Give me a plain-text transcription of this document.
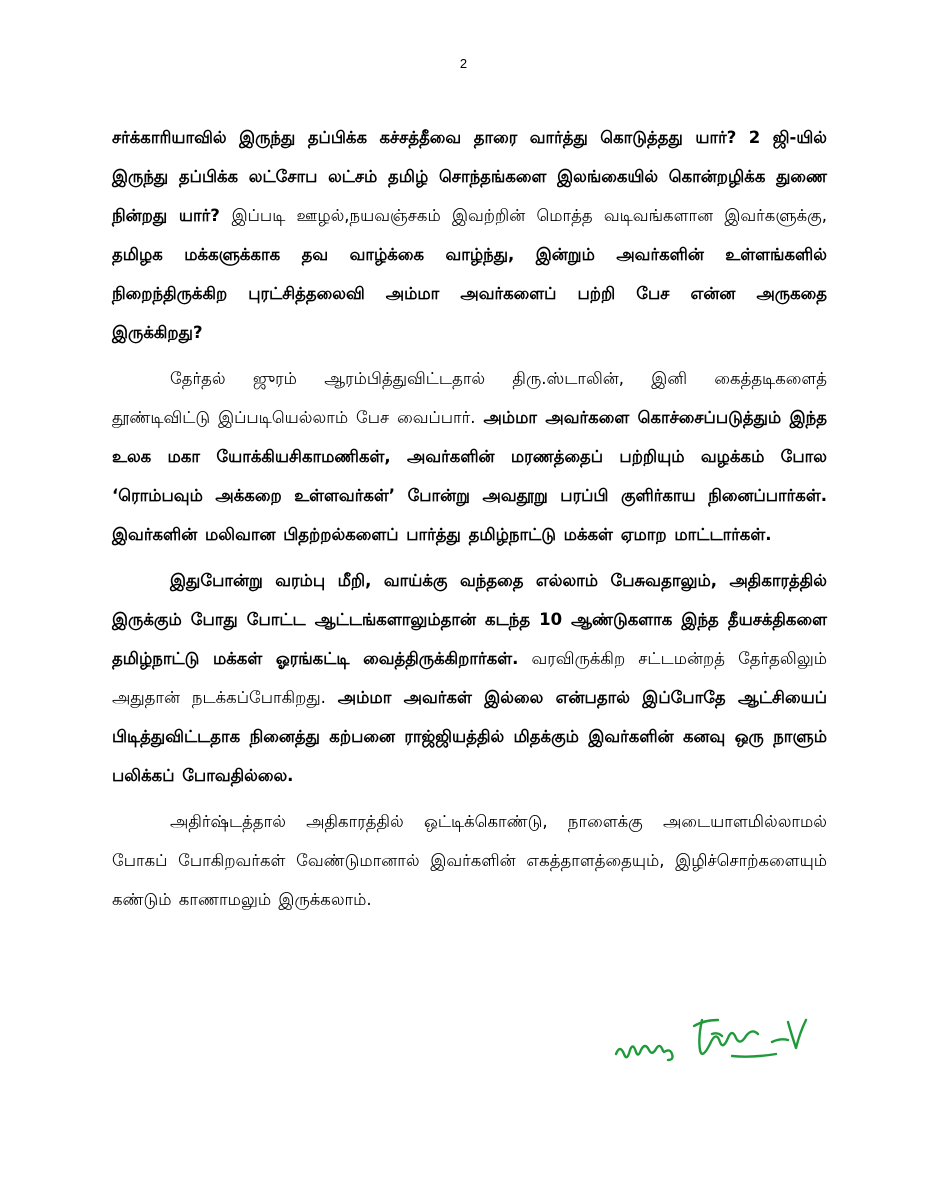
2

சர்க்காரியாவில் இருந்து தப்பிக்க கச்சத்தீவை தாரை வார்த்து கொடுத்தது யார்? 2 ஜி-யில் இருந்து தப்பிக்க லட்சோப லட்சம் தமிழ் சொந்தங்களை இலங்கையில் கொன்றழிக்க துணை நின்றது யார்? இப்படி ஊழல்,நயவஞ்சகம் இவற்றின் மொத்த வடிவங்களான இவர்களுக்கு, தமிழக மக்களுக்காக தவ வாழ்க்கை வாழ்ந்து, இன்றும் அவர்களின் உள்ளங்களில் நிறைந்திருக்கிற புரட்சித்தலைவி அம்மா அவர்களைப் பற்றி பேச என்ன அருகதை இருக்கிறது?

தேர்தல் ஜுரம் ஆரம்பித்துவிட்டதால் திரு.ஸ்டாலின், இனி கைத்தடிகளைத் தூண்டிவிட்டு இப்படியெல்லாம் பேச வைப்பார். அம்மா அவர்களை கொச்சைப்படுத்தும் இந்த உலக மகா யோக்கியசிகாமணிகள், அவர்களின் மரணத்தைப் பற்றியும் வழக்கம் போல ‘ரொம்பவும் அக்கறை உள்ளவர்கள்’ போன்று அவதூறு பரப்பி குளிர்காய நினைப்பார்கள். இவர்களின் மலிவான பிதற்றல்களைப் பார்த்து தமிழ்நாட்டு மக்கள் ஏமாற மாட்டார்கள்.

இதுபோன்று வரம்பு மீறி, வாய்க்கு வந்ததை எல்லாம் பேசுவதாலும், அதிகாரத்தில் இருக்கும் போது போட்ட ஆட்டங்களாலும்தான் கடந்த 10 ஆண்டுகளாக இந்த தீயசக்திகளை தமிழ்நாட்டு மக்கள் ஓரங்கட்டி வைத்திருக்கிறார்கள். வரவிருக்கிற சட்டமன்றத் தேர்தலிலும் அதுதான் நடக்கப்போகிறது. அம்மா அவர்கள் இல்லை என்பதால் இப்போதே ஆட்சியைப் பிடித்துவிட்டதாக நினைத்து கற்பனை ராஜ்ஜியத்தில் மிதக்கும் இவர்களின் கனவு ஒரு நாளும் பலிக்கப் போவதில்லை.

அதிர்ஷ்டத்தால் அதிகாரத்தில் ஒட்டிக்கொண்டு, நாளைக்கு அடையாளமில்லாமல் போகப் போகிறவர்கள் வேண்டுமானால் இவர்களின் எகத்தாளத்தையும், இழிச்சொற்களையும் கண்டும் காணாமலும் இருக்கலாம்.
